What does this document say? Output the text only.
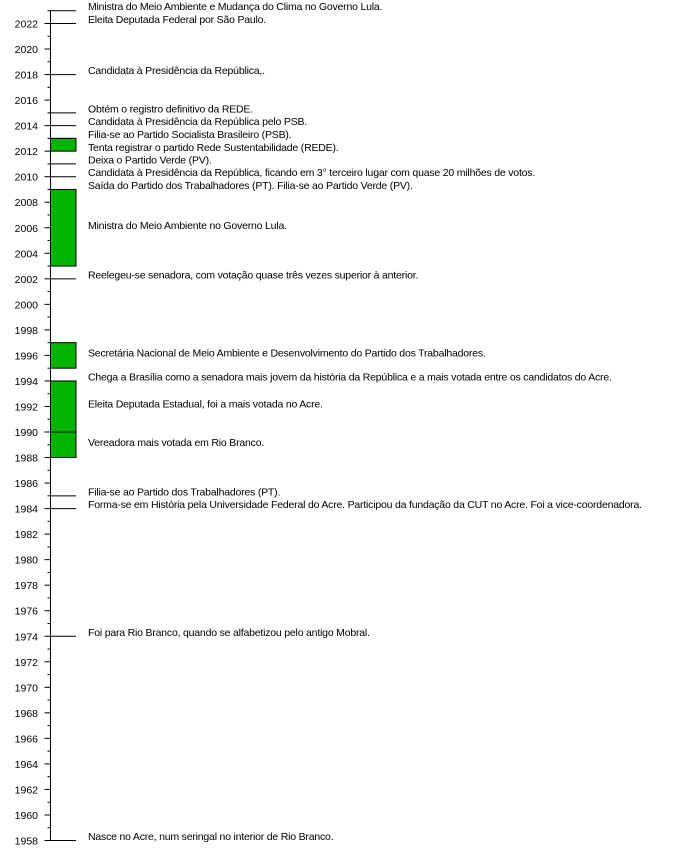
Tenta registrar o partido Rede Sustentabilidade (REDE).
Ministra do Meio Ambiente no Governo Lula.
Secretária Nacional de Meio Ambiente e Desenvolvimento do Partido dos Trabalhadores.
Eleita Deputada Estadual, foi a mais votada no Acre.
Vereadora mais votada em Rio Branco.
1958
1960
1962
1964
1966
1968
1970
1972
1974
1976
1978
1980
1982
1984
1986
1988
1990
1992
1994
1996
1998
2000
2002
2004
2006
2008
2010
2012
2014
2016
2018
2020
2022
Ministra do Meio Ambiente e Mudança do Clima no Governo Lula.
Eleita Deputada Federal por São Paulo.
Candidata à Presidência da República,.
Obtém o registro definitivo da REDE.
Candidata à Presidência da República pelo PSB.
Filia-se ao Partido Socialista Brasileiro (PSB).
Deixa o Partido Verde (PV).
Candidata à Presidência da República, ficando em 3° terceiro lugar com quase 20 milhões de votos.
Saída do Partido dos Trabalhadores (PT). Filia-se ao Partido Verde (PV).
Reelegeu-se senadora, com votação quase três vezes superior à anterior.
Chega a Brasília como a senadora mais jovem da história da República e a mais votada entre os candidatos do Acre.
Filia-se ao Partido dos Trabalhadores (PT).
Forma-se em História pela Universidade Federal do Acre. Participou da fundação da CUT no Acre. Foi a vice-coordenadora.
Foi para Rio Branco, quando se alfabetizou pelo antigo Mobral.
Nasce no Acre, num seringal no interior de Rio Branco.
